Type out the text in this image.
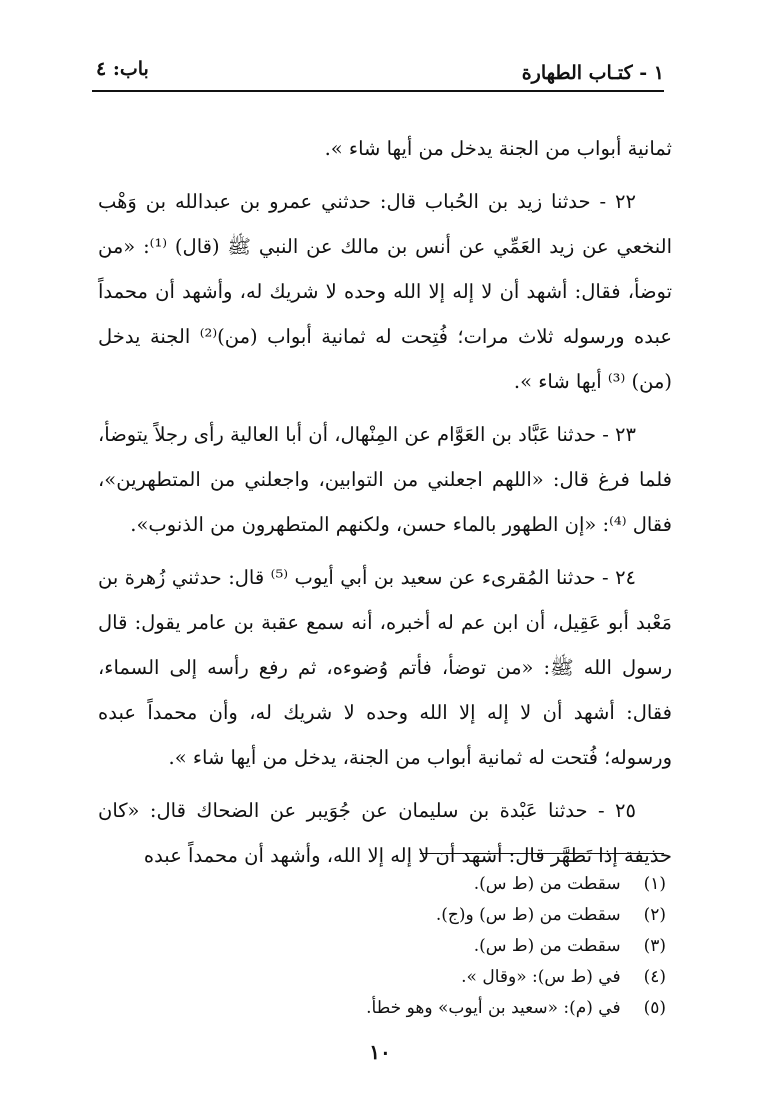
١ - كتـاب الطهارة
باب: ٤

ثمانية أبواب من الجنة يدخل من أيها شاء ».

٢٢ - حدثنا زيد بن الحُباب قال: حدثني عمرو بن عبدالله بن وَهْب النخعي عن زيد العَمِّي عن أنس بن مالك عن النبي ﷺ (قال) ⁽¹⁾: «من توضأ، فقال: أشهد أن لا إله إلا الله وحده لا شريك له، وأشهد أن محمداً عبده ورسوله ثلاث مرات؛ فُتِحت له ثمانية أبواب (من)⁽²⁾ الجنة يدخل (من) ⁽³⁾ أيها شاء ».

٢٣ - حدثنا عَبَّاد بن العَوَّام عن المِنْهال، أن أبا العالية رأى رجلاً يتوضأ، فلما فرغ قال: «اللهم اجعلني من التوابين، واجعلني من المتطهرين»، فقال ⁽⁴⁾: «إن الطهور بالماء حسن، ولكنهم المتطهرون من الذنوب».

٢٤ - حدثنا المُقرىء عن سعيد بن أبي أيوب ⁽⁵⁾ قال: حدثني زُهرة بن مَعْبد أبو عَقِيل، أن ابن عم له أخبره، أنه سمع عقبة بن عامر يقول: قال رسول الله ﷺ: «من توضأ، فأتم وُضوءه، ثم رفع رأسه إلى السماء، فقال: أشهد أن لا إله إلا الله وحده لا شريك له، وأن محمداً عبده ورسوله؛ فُتحت له ثمانية أبواب من الجنة، يدخل من أيها شاء ».

٢٥ - حدثنا عَبْدة بن سليمان عن جُوَيبر عن الضحاك قال: «كان حذيفة إذا تَطهَّر قال: أشهد أن لا إله إلا الله، وأشهد أن محمداً عبده

(١) سقطت من (ط س).
(٢) سقطت من (ط س) و(ج).
(٣) سقطت من (ط س).
(٤) في (ط س): «وقال ».
(٥) في (م): «سعيد بن أيوب» وهو خطأ.
١٠
